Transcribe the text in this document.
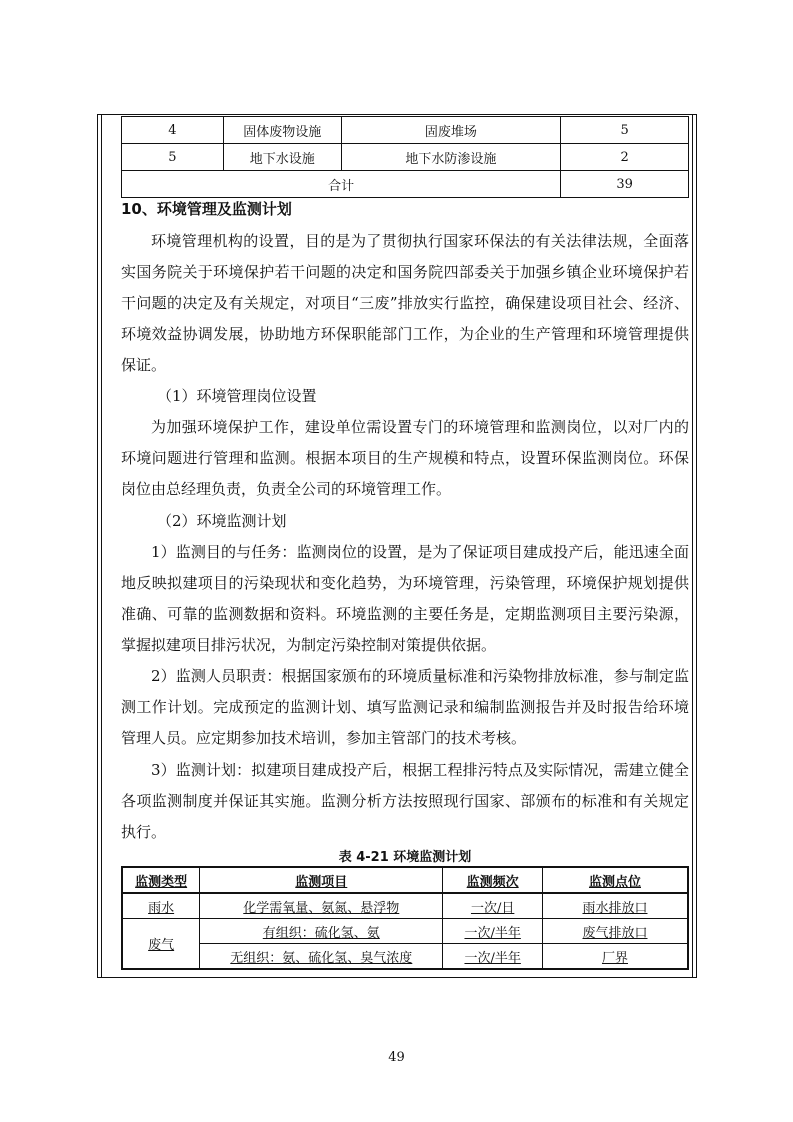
4	固体废物设施	固废堆场	5
5	地下水设施	地下水防渗设施	2
合计			39
10、环境管理及监测计划

环境管理机构的设置，目的是为了贯彻执行国家环保法的有关法律法规，全面落实国务院关于环境保护若干问题的决定和国务院四部委关于加强乡镇企业环境保护若干问题的决定及有关规定，对项目“三废”排放实行监控，确保建设项目社会、经济、环境效益协调发展，协助地方环保职能部门工作，为企业的生产管理和环境管理提供保证。

（1）环境管理岗位设置

为加强环境保护工作，建设单位需设置专门的环境管理和监测岗位，以对厂内的环境问题进行管理和监测。根据本项目的生产规模和特点，设置环保监测岗位。环保岗位由总经理负责，负责全公司的环境管理工作。

（2）环境监测计划

1）监测目的与任务：监测岗位的设置，是为了保证项目建成投产后，能迅速全面地反映拟建项目的污染现状和变化趋势，为环境管理，污染管理，环境保护规划提供准确、可靠的监测数据和资料。环境监测的主要任务是，定期监测项目主要污染源，掌握拟建项目排污状况，为制定污染控制对策提供依据。

2）监测人员职责：根据国家颁布的环境质量标准和污染物排放标准，参与制定监测工作计划。完成预定的监测计划、填写监测记录和编制监测报告并及时报告给环境管理人员。应定期参加技术培训，参加主管部门的技术考核。

3）监测计划：拟建项目建成投产后，根据工程排污特点及实际情况，需建立健全各项监测制度并保证其实施。监测分析方法按照现行国家、部颁布的标准和有关规定执行。

表 4-21 环境监测计划
监测类型	监测项目	监测频次	监测点位
雨水	化学需氧量、氨氮、悬浮物	一次/日	雨水排放口
废气	有组织：硫化氢、氨	一次/半年	废气排放口
	无组织：氨、硫化氢、臭气浓度	一次/半年	厂界
49
